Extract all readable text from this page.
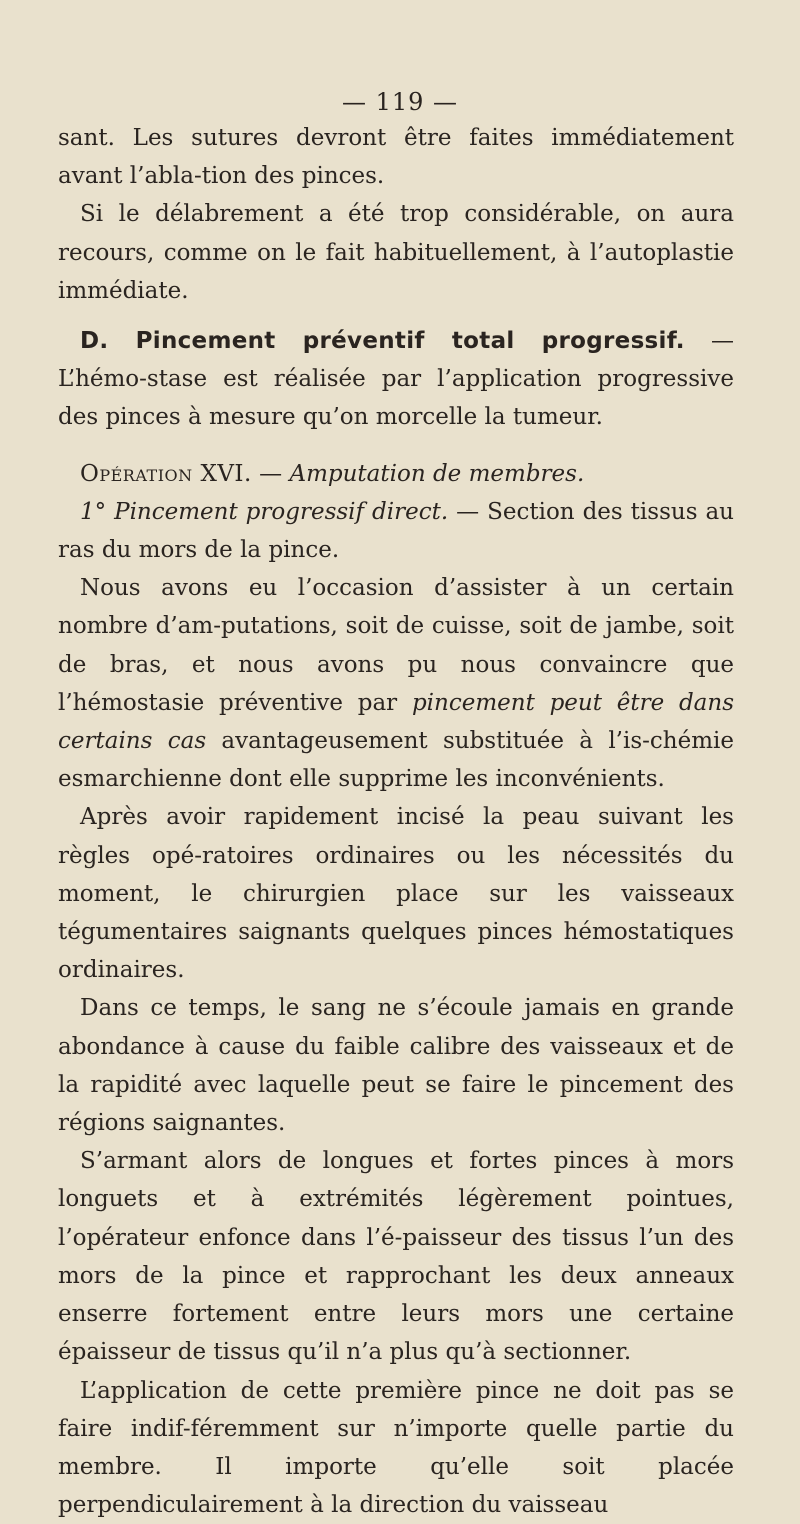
— 119 —

sant. Les sutures devront être faites immédiatement avant l’abla-tion des pinces.

Si le délabrement a été trop considérable, on aura recours, comme on le fait habituellement, à l’autoplastie immédiate.

D. Pincement préventif total progressif. — L’hémo-stase est réalisée par l’application progressive des pinces à mesure qu’on morcelle la tumeur.

Opération XVI. — Amputation de membres.

1° Pincement progressif direct. — Section des tissus au ras du mors de la pince.

Nous avons eu l’occasion d’assister à un certain nombre d’am-putations, soit de cuisse, soit de jambe, soit de bras, et nous avons pu nous convaincre que l’hémostasie préventive par pincement peut être dans certains cas avantageusement substituée à l’is-chémie esmarchienne dont elle supprime les inconvénients.

Après avoir rapidement incisé la peau suivant les règles opé-ratoires ordinaires ou les nécessités du moment, le chirurgien place sur les vaisseaux tégumentaires saignants quelques pinces hémostatiques ordinaires.

Dans ce temps, le sang ne s’écoule jamais en grande abondance à cause du faible calibre des vaisseaux et de la rapidité avec laquelle peut se faire le pincement des régions saignantes.

S’armant alors de longues et fortes pinces à mors longuets et à extrémités légèrement pointues, l’opérateur enfonce dans l’é-paisseur des tissus l’un des mors de la pince et rapprochant les deux anneaux enserre fortement entre leurs mors une certaine épaisseur de tissus qu’il n’a plus qu’à sectionner.

L’application de cette première pince ne doit pas se faire indif-féremment sur n’importe quelle partie du membre. Il importe qu’elle soit placée perpendiculairement à la direction du vaisseau
